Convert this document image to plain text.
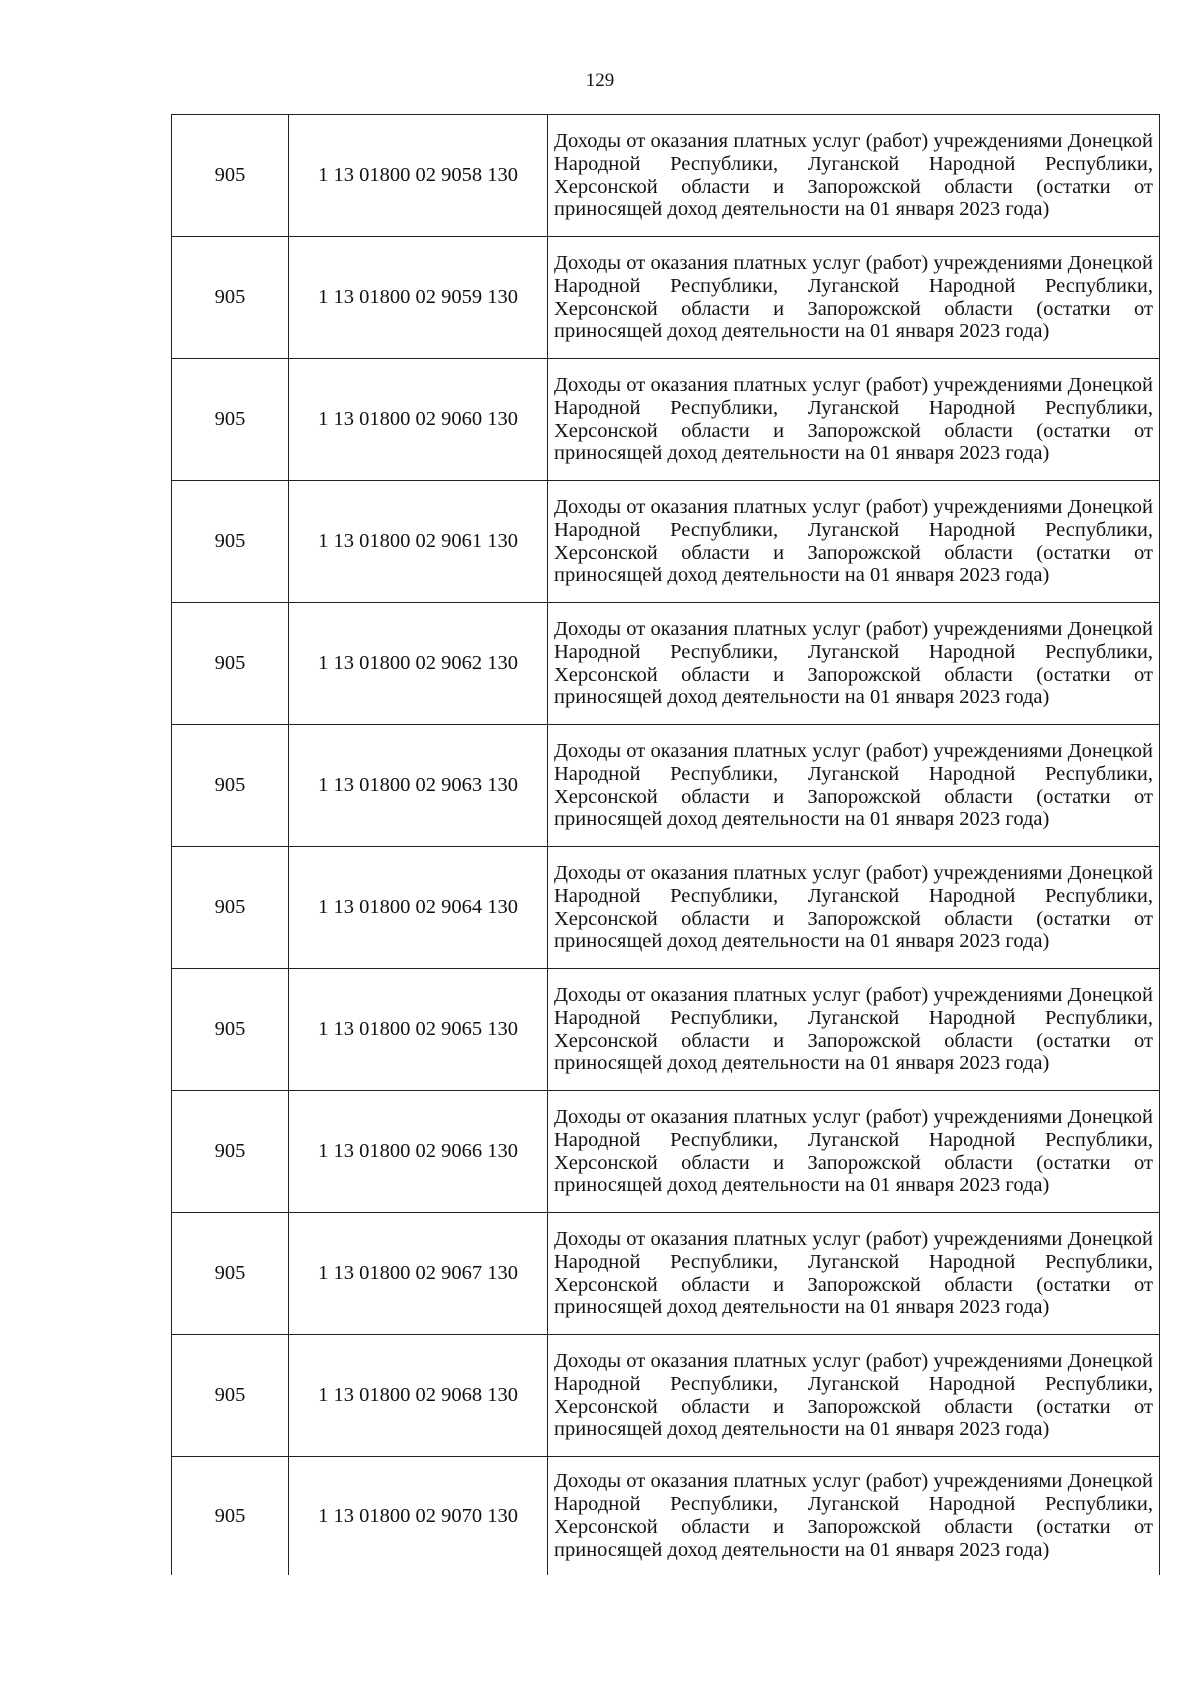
129
905	1 13 01800 02 9058 130	Доходы от оказания платных услуг (работ) учреждениями Донецкой Народной Республики, Луганской Народной Республики, Херсонской области и Запорожской области (остатки от приносящей доход деятельности на 01 января 2023 года)

905	1 13 01800 02 9059 130	Доходы от оказания платных услуг (работ) учреждениями Донецкой Народной Республики, Луганской Народной Республики, Херсонской области и Запорожской области (остатки от приносящей доход деятельности на 01 января 2023 года)

905	1 13 01800 02 9060 130	Доходы от оказания платных услуг (работ) учреждениями Донецкой Народной Республики, Луганской Народной Республики, Херсонской области и Запорожской области (остатки от приносящей доход деятельности на 01 января 2023 года)

905	1 13 01800 02 9061 130	Доходы от оказания платных услуг (работ) учреждениями Донецкой Народной Республики, Луганской Народной Республики, Херсонской области и Запорожской области (остатки от приносящей доход деятельности на 01 января 2023 года)

905	1 13 01800 02 9062 130	Доходы от оказания платных услуг (работ) учреждениями Донецкой Народной Республики, Луганской Народной Республики, Херсонской области и Запорожской области (остатки от приносящей доход деятельности на 01 января 2023 года)

905	1 13 01800 02 9063 130	Доходы от оказания платных услуг (работ) учреждениями Донецкой Народной Республики, Луганской Народной Республики, Херсонской области и Запорожской области (остатки от приносящей доход деятельности на 01 января 2023 года)

905	1 13 01800 02 9064 130	Доходы от оказания платных услуг (работ) учреждениями Донецкой Народной Республики, Луганской Народной Республики, Херсонской области и Запорожской области (остатки от приносящей доход деятельности на 01 января 2023 года)

905	1 13 01800 02 9065 130	Доходы от оказания платных услуг (работ) учреждениями Донецкой Народной Республики, Луганской Народной Республики, Херсонской области и Запорожской области (остатки от приносящей доход деятельности на 01 января 2023 года)

905	1 13 01800 02 9066 130	Доходы от оказания платных услуг (работ) учреждениями Донецкой Народной Республики, Луганской Народной Республики, Херсонской области и Запорожской области (остатки от приносящей доход деятельности на 01 января 2023 года)

905	1 13 01800 02 9067 130	Доходы от оказания платных услуг (работ) учреждениями Донецкой Народной Республики, Луганской Народной Республики, Херсонской области и Запорожской области (остатки от приносящей доход деятельности на 01 января 2023 года)

905	1 13 01800 02 9068 130	Доходы от оказания платных услуг (работ) учреждениями Донецкой Народной Республики, Луганской Народной Республики, Херсонской области и Запорожской области (остатки от приносящей доход деятельности на 01 января 2023 года)

905	1 13 01800 02 9070 130	Доходы от оказания платных услуг (работ) учреждениями Донецкой Народной Республики, Луганской Народной Республики, Херсонской области и Запорожской области (остатки от приносящей доход деятельности на 01 января 2023 года)
